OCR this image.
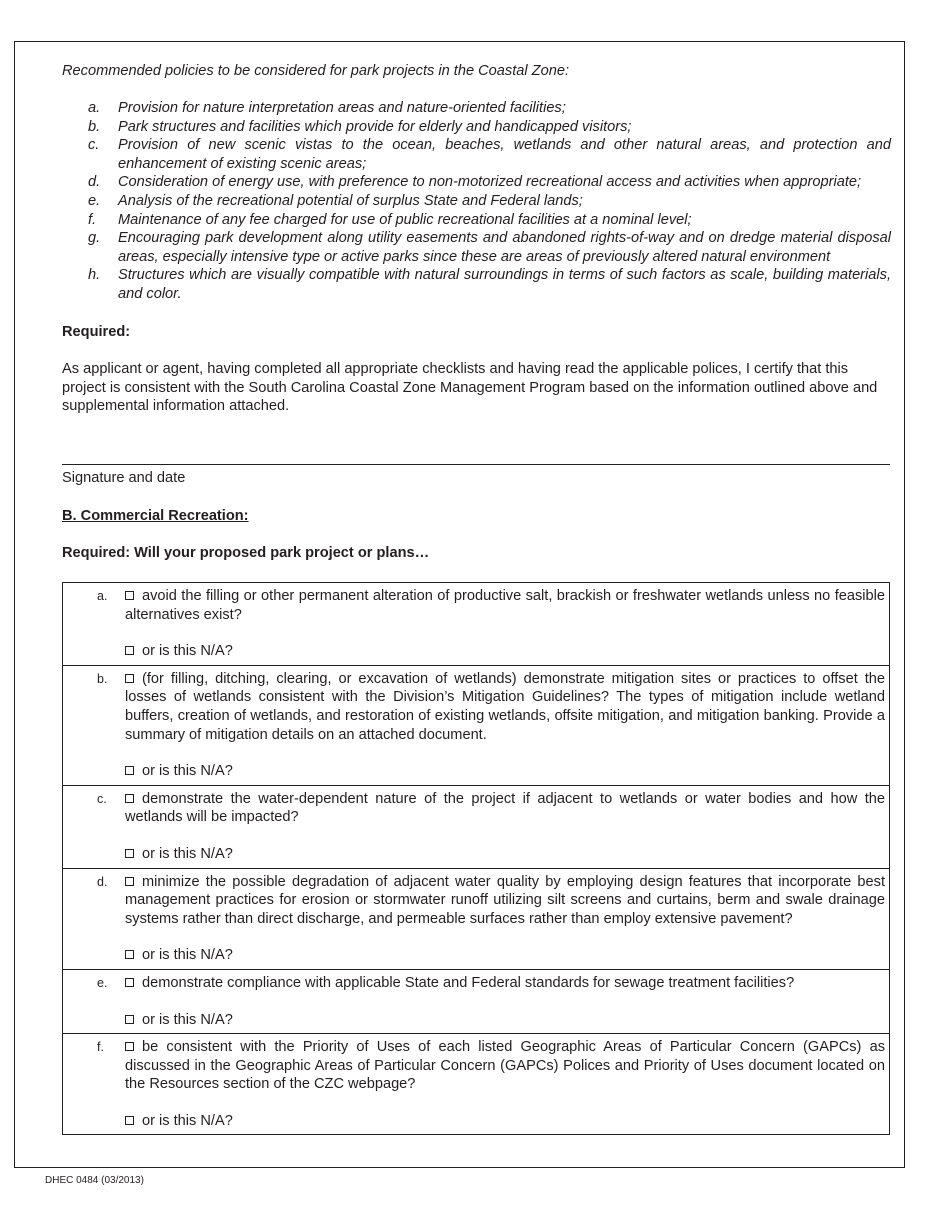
Recommended policies to be considered for park projects in the Coastal Zone:
a. Provision for nature interpretation areas and nature-oriented facilities;
b. Park structures and facilities which provide for elderly and handicapped visitors;
c. Provision of new scenic vistas to the ocean, beaches, wetlands and other natural areas, and protection and enhancement of existing scenic areas;
d. Consideration of energy use, with preference to non-motorized recreational access and activities when appropriate;
e. Analysis of the recreational potential of surplus State and Federal lands;
f. Maintenance of any fee charged for use of public recreational facilities at a nominal level;
g. Encouraging park development along utility easements and abandoned rights-of-way and on dredge material disposal areas, especially intensive type or active parks since these are areas of previously altered natural environment
h. Structures which are visually compatible with natural surroundings in terms of such factors as scale, building materials, and color.
Required:
As applicant or agent, having completed all appropriate checklists and having read the applicable polices, I certify that this project is consistent with the South Carolina Coastal Zone Management Program based on the information outlined above and supplemental information attached.
Signature and date
B. Commercial Recreation:
Required: Will your proposed park project or plans…
a.	avoid the filling or other permanent alteration of productive salt, brackish or freshwater wetlands unless no feasible alternatives exist?
or is this N/A?
b.	(for filling, ditching, clearing, or excavation of wetlands) demonstrate mitigation sites or practices to offset the losses of wetlands consistent with the Division’s Mitigation Guidelines? The types of mitigation include wetland buffers, creation of wetlands, and restoration of existing wetlands, offsite mitigation, and mitigation banking. Provide a summary of mitigation details on an attached document.
or is this N/A?
c.	demonstrate the water-dependent nature of the project if adjacent to wetlands or water bodies and how the wetlands will be impacted?
or is this N/A?
d.	minimize the possible degradation of adjacent water quality by employing design features that incorporate best management practices for erosion or stormwater runoff utilizing silt screens and curtains, berm and swale drainage systems rather than direct discharge, and permeable surfaces rather than employ extensive pavement?
or is this N/A?
e.	demonstrate compliance with applicable State and Federal standards for sewage treatment facilities?
or is this N/A?
f.	be consistent with the Priority of Uses of each listed Geographic Areas of Particular Concern (GAPCs) as discussed in the Geographic Areas of Particular Concern (GAPCs) Polices and Priority of Uses document located on the Resources section of the CZC webpage?
or is this N/A?
DHEC 0484 (03/2013)
